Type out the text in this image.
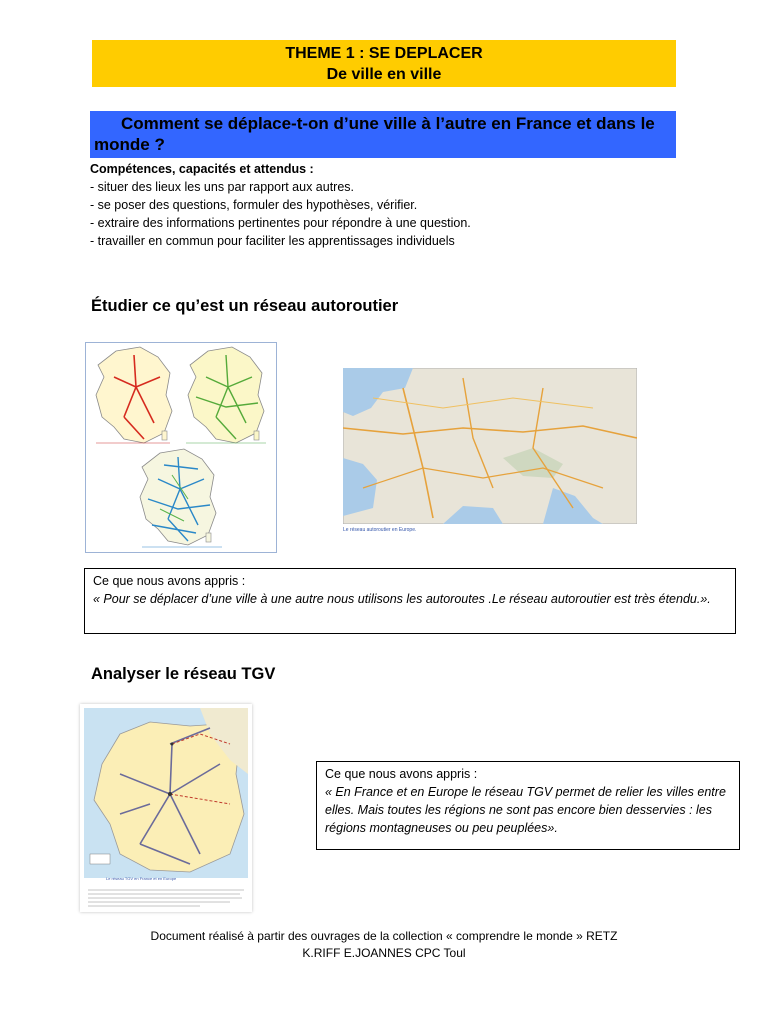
THEME 1 : SE DEPLACER
De ville en ville
Comment se déplace-t-on d’une ville à l’autre en France et dans le monde ?
Compétences, capacités et attendus :
- situer des lieux les uns par rapport aux autres.
- se poser des questions, formuler des hypothèses, vérifier.
- extraire des informations pertinentes pour répondre à une question.
- travailler en commun pour faciliter les apprentissages individuels
Étudier ce qu’est un réseau autoroutier
Le réseau autoroutier en Europe.
Ce que nous avons appris :
« Pour se déplacer d’une ville à une autre nous utilisons les autoroutes .Le réseau autoroutier est très étendu.».
Analyser le réseau TGV
Le réseau TGV en France et en Europe
Ce que nous avons appris :
« En France et en Europe le réseau TGV permet de relier les villes entre elles. Mais toutes les régions ne sont pas encore bien desservies : les régions montagneuses ou peu peuplées».
Document réalisé à partir des ouvrages de la collection « comprendre le monde » RETZ
K.RIFF E.JOANNES CPC Toul
